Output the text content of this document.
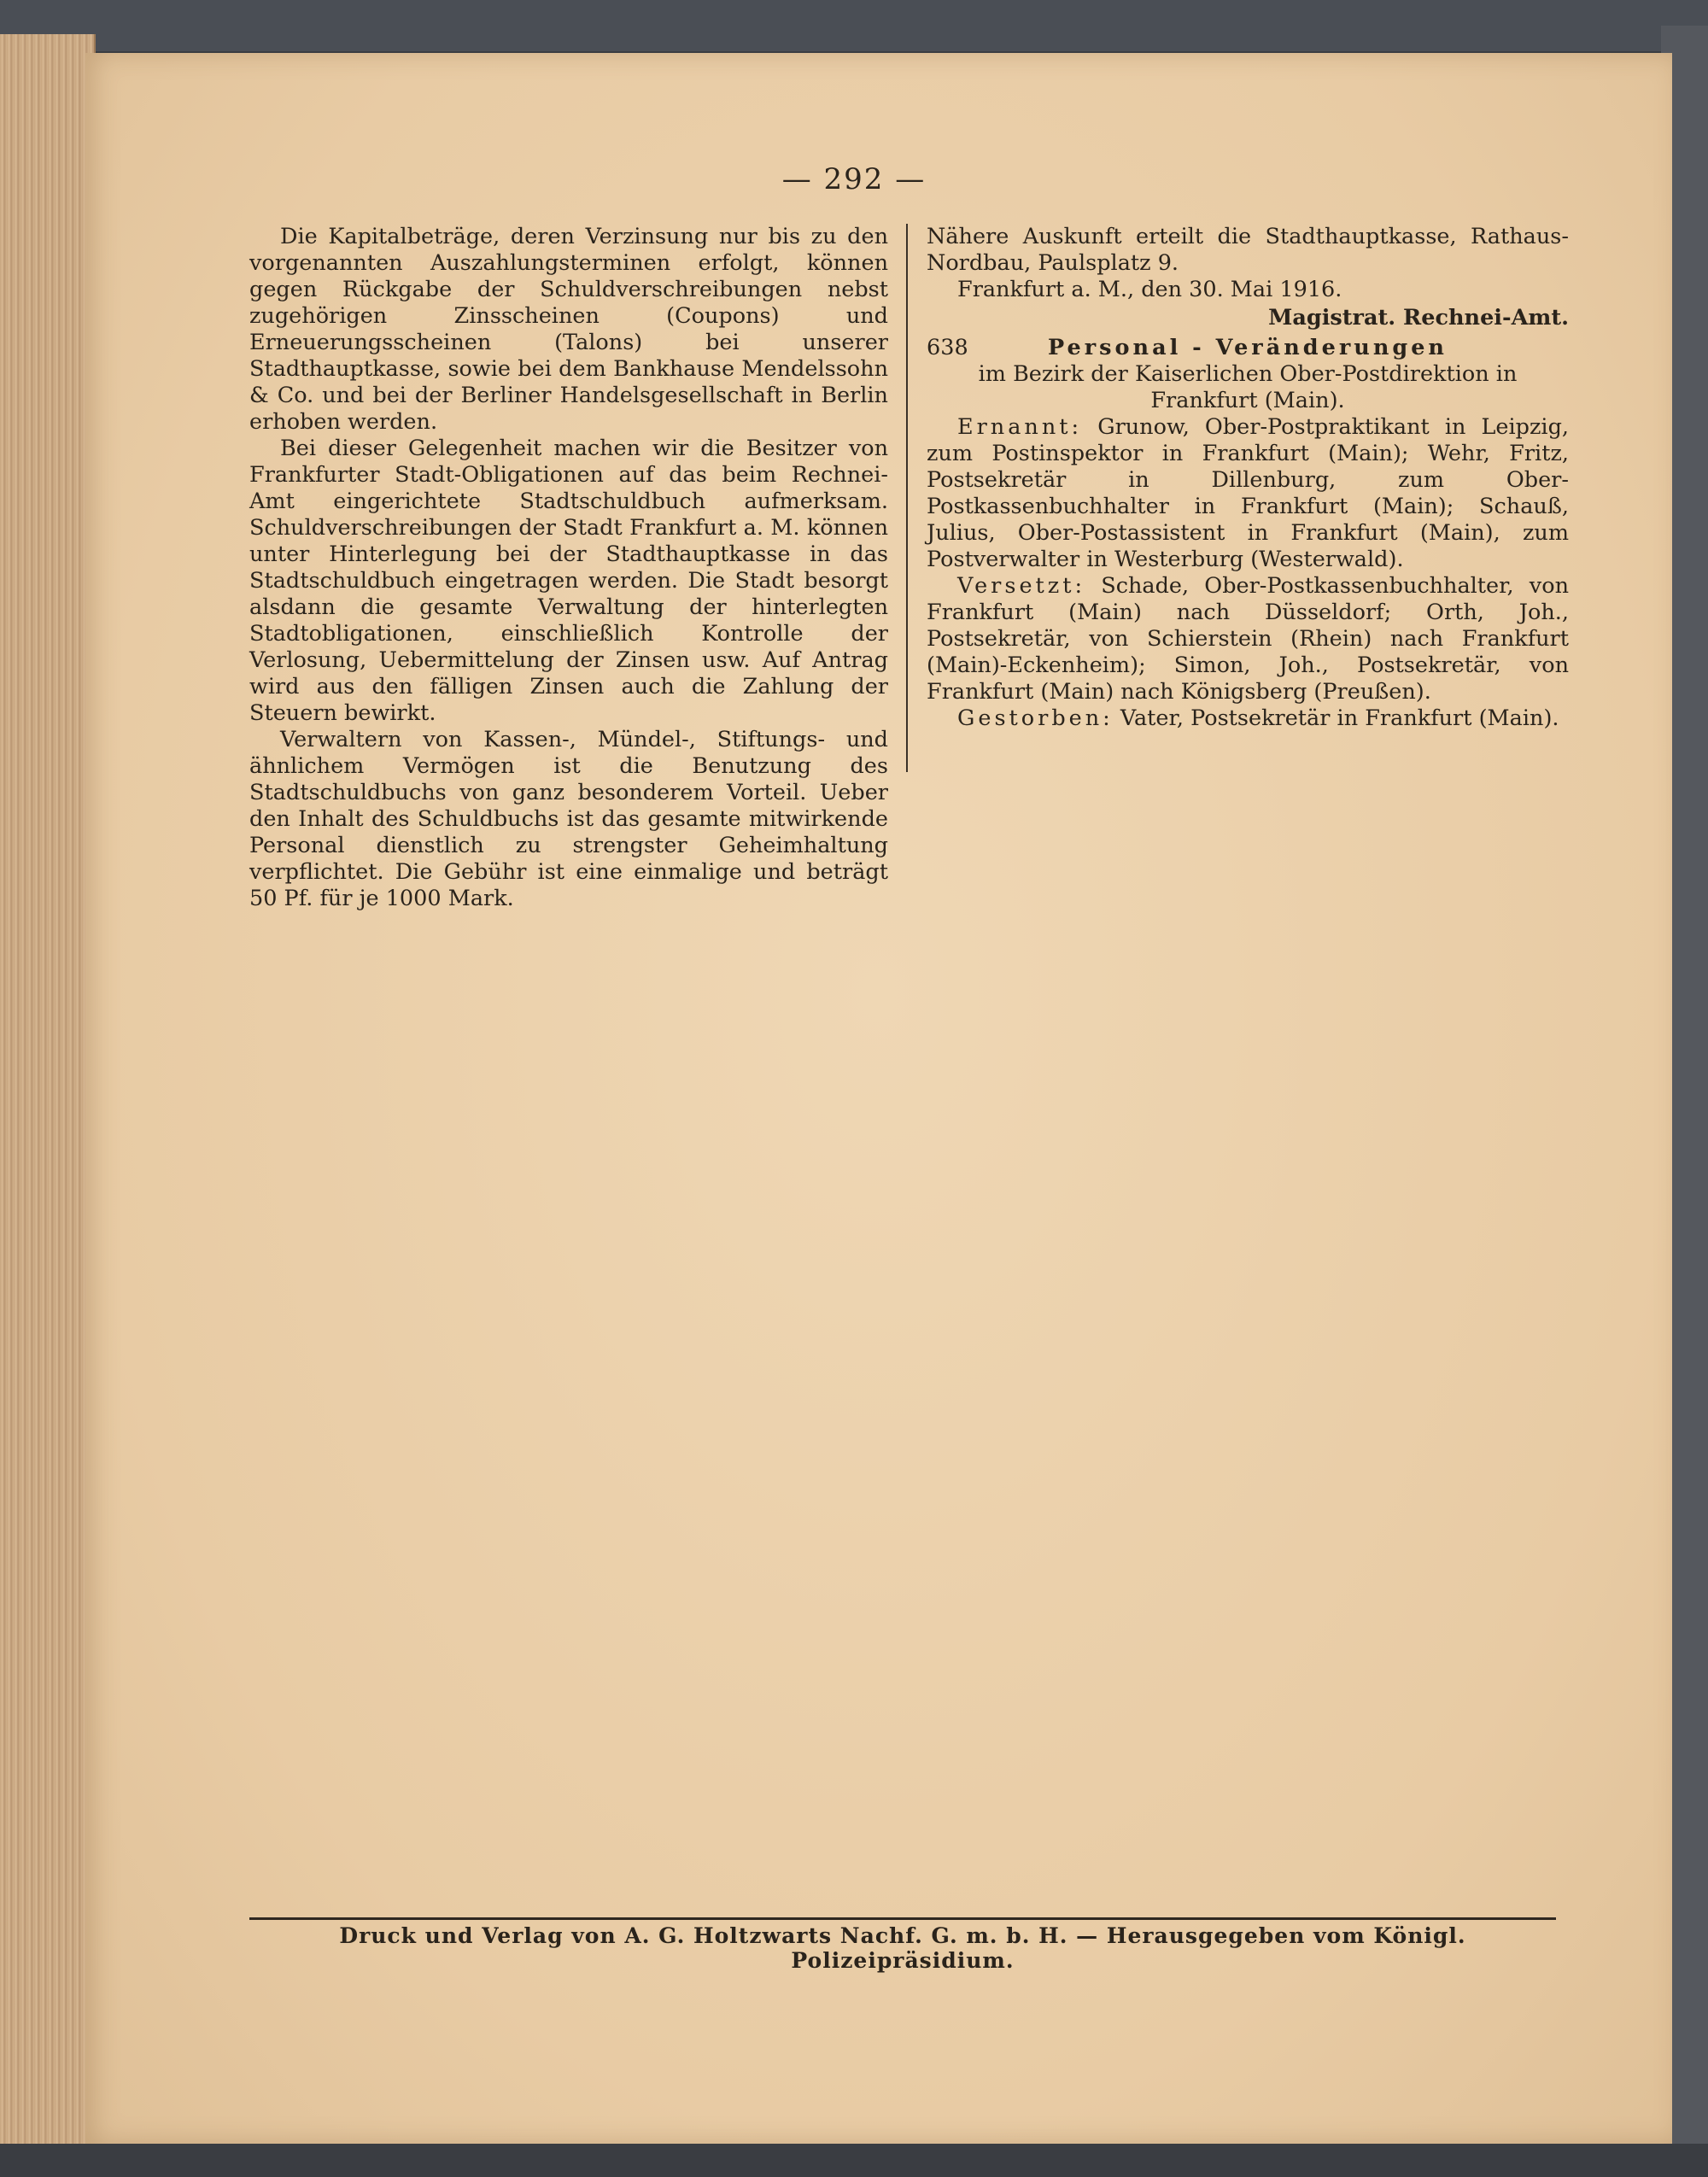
— 292 —

Die Kapitalbeträge, deren Verzinsung nur bis zu den vorgenannten Auszahlungsterminen erfolgt, können gegen Rückgabe der Schuldverschreibungen nebst zugehörigen Zinsscheinen (Coupons) und Erneuerungsscheinen (Talons) bei unserer Stadthauptkasse, sowie bei dem Bankhause Mendelssohn & Co. und bei der Berliner Handelsgesellschaft in Berlin erhoben werden.

Bei dieser Gelegenheit machen wir die Besitzer von Frankfurter Stadt-Obligationen auf das beim Rechnei-Amt eingerichtete Stadtschuldbuch aufmerksam. Schuldverschreibungen der Stadt Frankfurt a. M. können unter Hinterlegung bei der Stadthauptkasse in das Stadtschuldbuch eingetragen werden. Die Stadt besorgt alsdann die gesamte Verwaltung der hinterlegten Stadtobligationen, einschließlich Kontrolle der Verlosung, Uebermittelung der Zinsen usw. Auf Antrag wird aus den fälligen Zinsen auch die Zahlung der Steuern bewirkt.

Verwaltern von Kassen-, Mündel-, Stiftungs- und ähnlichem Vermögen ist die Benutzung des Stadtschuldbuchs von ganz besonderem Vorteil. Ueber den Inhalt des Schuldbuchs ist das gesamte mitwirkende Personal dienstlich zu strengster Geheimhaltung verpflichtet. Die Gebühr ist eine einmalige und beträgt 50 Pf. für je 1000 Mark.

Nähere Auskunft erteilt die Stadthauptkasse, Rathaus-Nordbau, Paulsplatz 9.

Frankfurt a. M., den 30. Mai 1916.

Magistrat. Rechnei-Amt.
638	Personal - Veränderungen

im Bezirk der Kaiserlichen Ober-Postdirektion in

Frankfurt (Main).

Ernannt: Grunow, Ober-Postpraktikant in Leipzig, zum Postinspektor in Frankfurt (Main); Wehr, Fritz, Postsekretär in Dillenburg, zum Ober-Postkassenbuchhalter in Frankfurt (Main); Schauß, Julius, Ober-Postassistent in Frankfurt (Main), zum Postverwalter in Westerburg (Westerwald).

Versetzt: Schade, Ober-Postkassenbuchhalter, von Frankfurt (Main) nach Düsseldorf; Orth, Joh., Postsekretär, von Schierstein (Rhein) nach Frankfurt (Main)-Eckenheim); Simon, Joh., Postsekretär, von Frankfurt (Main) nach Königsberg (Preußen).

Gestorben: Vater, Postsekretär in Frankfurt (Main).

Druck und Verlag von A. G. Holtzwarts Nachf. G. m. b. H. — Herausgegeben vom Königl. Polizeipräsidium.
